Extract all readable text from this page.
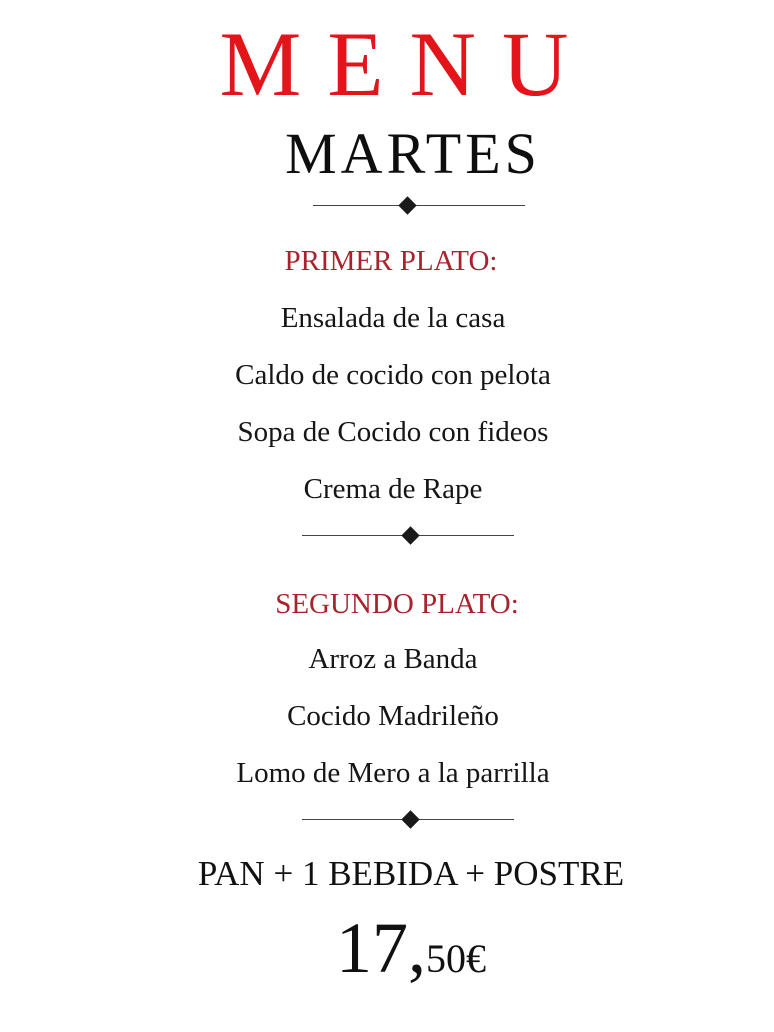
MENU
MARTES
PRIMER PLATO:
Ensalada de la casa
Caldo de cocido con pelota
Sopa de Cocido con fideos
Crema de Rape
SEGUNDO PLATO:
Arroz a Banda
Cocido Madrileño
Lomo de Mero a la parrilla
PAN + 1 BEBIDA + POSTRE
17,50€
